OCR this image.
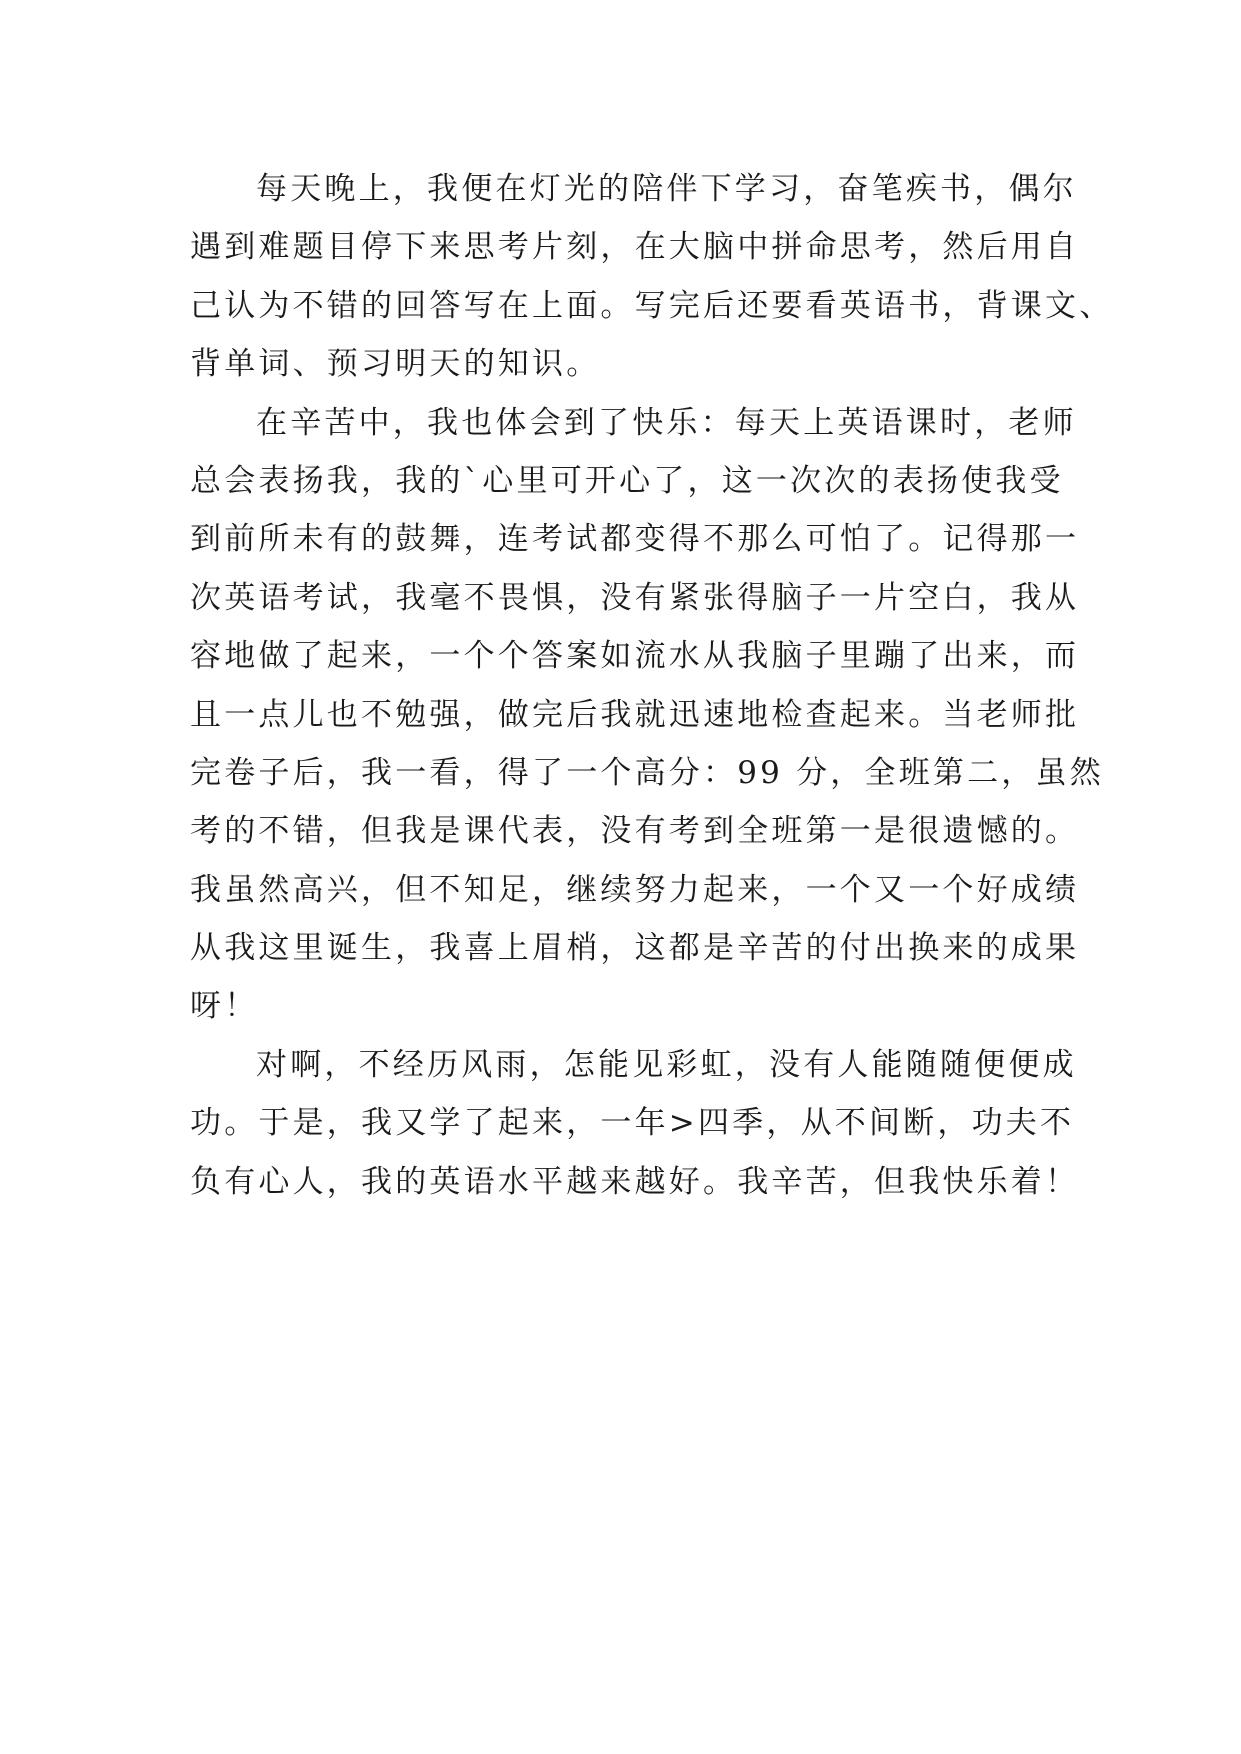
每天晚上，我便在灯光的陪伴下学习，奋笔疾书，偶尔

遇到难题目停下来思考片刻，在大脑中拼命思考，然后用自

己认为不错的回答写在上面。写完后还要看英语书，背课文、

背单词、预习明天的知识。

在辛苦中，我也体会到了快乐：每天上英语课时，老师

总会表扬我，我的`心里可开心了，这一次次的表扬使我受

到前所未有的鼓舞，连考试都变得不那么可怕了。记得那一

次英语考试，我毫不畏惧，没有紧张得脑子一片空白，我从

容地做了起来，一个个答案如流水从我脑子里蹦了出来，而

且一点儿也不勉强，做完后我就迅速地检查起来。当老师批

完卷子后，我一看，得了一个高分：99 分，全班第二，虽然

考的不错，但我是课代表，没有考到全班第一是很遗憾的。

我虽然高兴，但不知足，继续努力起来，一个又一个好成绩

从我这里诞生，我喜上眉梢，这都是辛苦的付出换来的成果

呀！

对啊，不经历风雨，怎能见彩虹，没有人能随随便便成

功。于是，我又学了起来，一年>四季，从不间断，功夫不

负有心人，我的英语水平越来越好。我辛苦，但我快乐着！
